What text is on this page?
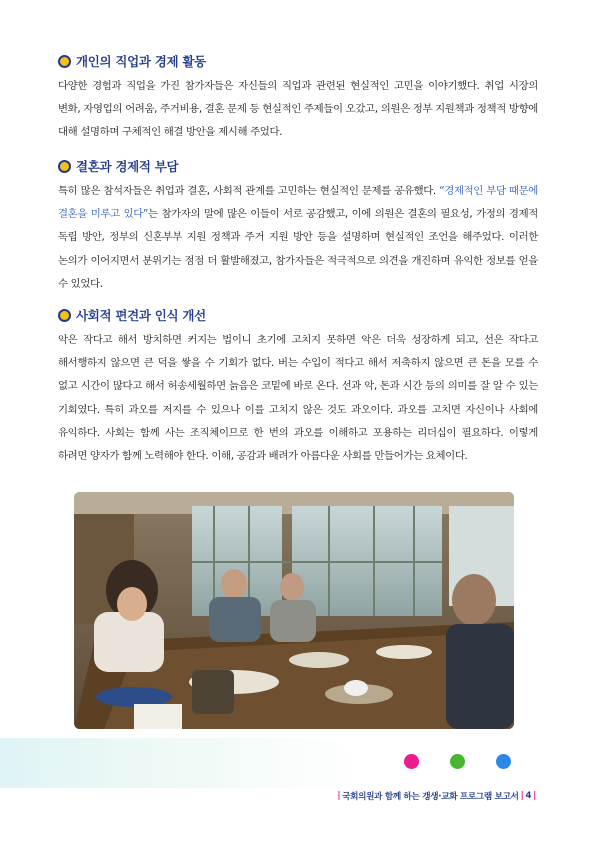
개인의 직업과 경제 활동

다양한 경험과 직업을 가진 참가자들은 자신들의 직업과 관련된 현실적인 고민을 이야기했다. 취업 시장의 변화, 자영업의 어려움, 주거비용, 결혼 문제 등 현실적인 주제들이 오갔고, 의원은 정부 지원책과 정책적 방향에 대해 설명하며 구체적인 해결 방안을 제시해 주었다.

결혼과 경제적 부담

특히 많은 참석자들은 취업과 결혼, 사회적 관계를 고민하는 현실적인 문제를 공유했다. “경제적인 부담 때문에 결혼을 미루고 있다”는 참가자의 말에 많은 이들이 서로 공감했고, 이에 의원은 결혼의 필요성, 가정의 경제적 독립 방안, 정부의 신혼부부 지원 정책과 주거 지원 방안 등을 설명하며 현실적인 조언을 해주었다. 이러한 논의가 이어지면서 분위기는 점점 더 활발해졌고, 참가자들은 적극적으로 의견을 개진하며 유익한 정보를 얻을 수 있었다.

사회적 편견과 인식 개선

악은 작다고 해서 방치하면 커지는 법이니 초기에 고치지 못하면 악은 더욱 성장하게 되고, 선은 작다고 해서행하지 않으면 큰 덕을 쌓을 수 기회가 없다. 버는 수입이 적다고 해서 저축하지 않으면 큰 돈을 모를 수 없고 시간이 많다고 해서 허송세월하면 늙음은 코밑에 바로 온다. 선과 악, 돈과 시간 등의 의미를 잘 알 수 있는 기회였다. 특히 과오를 저지를 수 있으나 이를 고치지 않은 것도 과오이다. 과오를 고치면 자신이나 사회에 유익하다. 사회는 함께 사는 조직체이므로 한 번의 과오를 이해하고 포용하는 리더십이 필요하다. 이렇게 하려면 양자가 함께 노력해야 한다. 이해, 공감과 배려가 아름다운 사회를 만들어가는 요체이다.

| 국회의원과 함께 하는 갱생·교화 프로그램 보고서 | 4 |
